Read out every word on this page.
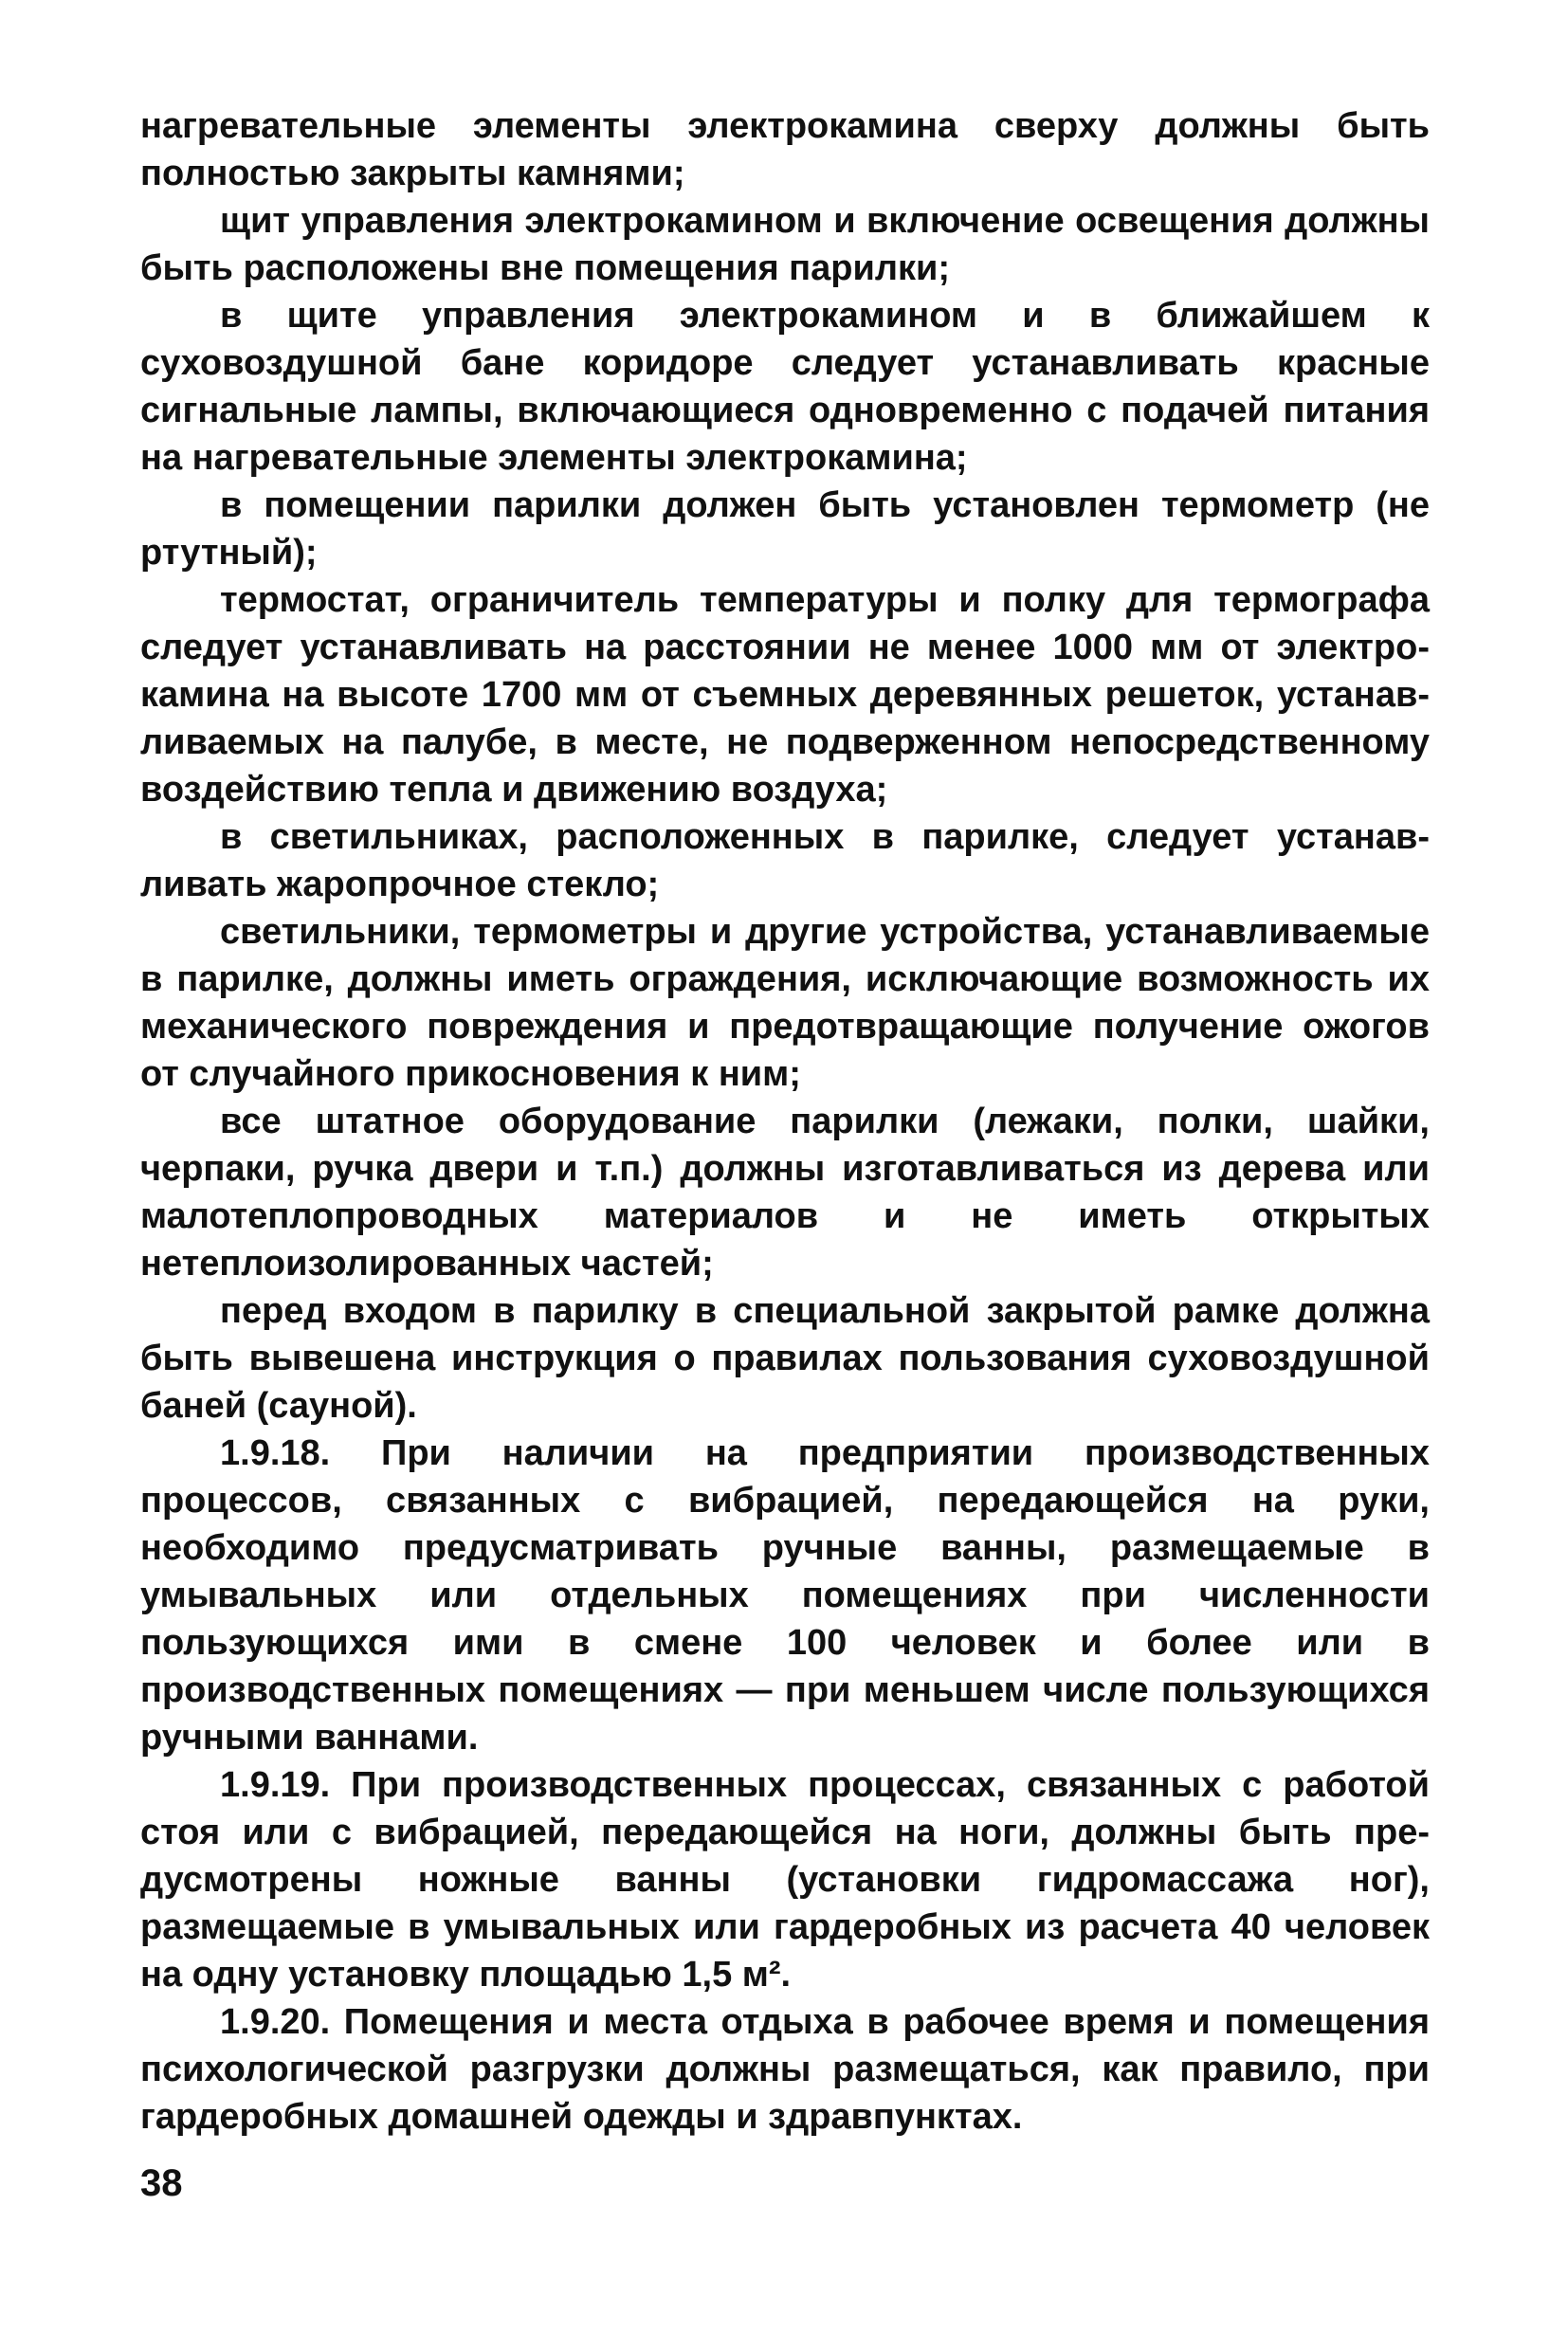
нагревательные элементы электрокамина сверху должны быть полностью закрыты камнями;

щит управления электрокамином и включение освещения должны быть расположены вне помещения парилки;

в щите управления электрокамином и в ближайшем к суховоздушной бане коридоре следует устанавливать красные сигнальные лампы, включающиеся одновременно с подачей питания на нагревательные элементы электрокамина;

в помещении парилки должен быть установлен термометр (не ртутный);

термостат, ограничитель температуры и полку для термографа следует устанавливать на расстоянии не менее 1000 мм от электрокамина на высоте 1700 мм от съемных деревянных решеток, устанавливаемых на палубе, в месте, не подверженном непосредственному воздействию тепла и движению воздуха;

в светильниках, расположенных в парилке, следует устанавливать жаропрочное стекло;

светильники, термометры и другие устройства, устанавливаемые в парилке, должны иметь ограждения, исключающие возможность их механического повреждения и предотвращающие получение ожогов от случайного прикосновения к ним;

все штатное оборудование парилки (лежаки, полки, шайки, черпаки, ручка двери и т.п.) должны изготавливаться из дерева или малотеплопроводных материалов и не иметь открытых нетеплоизолированных частей;

перед входом в парилку в специальной закрытой рамке должна быть вывешена инструкция о правилах пользования суховоздушной баней (сауной).

1.9.18. При наличии на предприятии производственных процессов, связанных с вибрацией, передающейся на руки, необходимо предусматривать ручные ванны, размещаемые в умывальных или отдельных помещениях при численности пользующихся ими в смене 100 человек и более или в производственных помещениях — при меньшем числе пользующихся ручными ваннами.

1.9.19. При производственных процессах, связанных с работой стоя или с вибрацией, передающейся на ноги, должны быть предусмотрены ножные ванны (установки гидромассажа ног), размещаемые в умывальных или гардеробных из расчета 40 человек на одну установку площадью 1,5 м².

1.9.20. Помещения и места отдыха в рабочее время и помещения психологической разгрузки должны размещаться, как правило, при гардеробных домашней одежды и здравпунктах.

38
